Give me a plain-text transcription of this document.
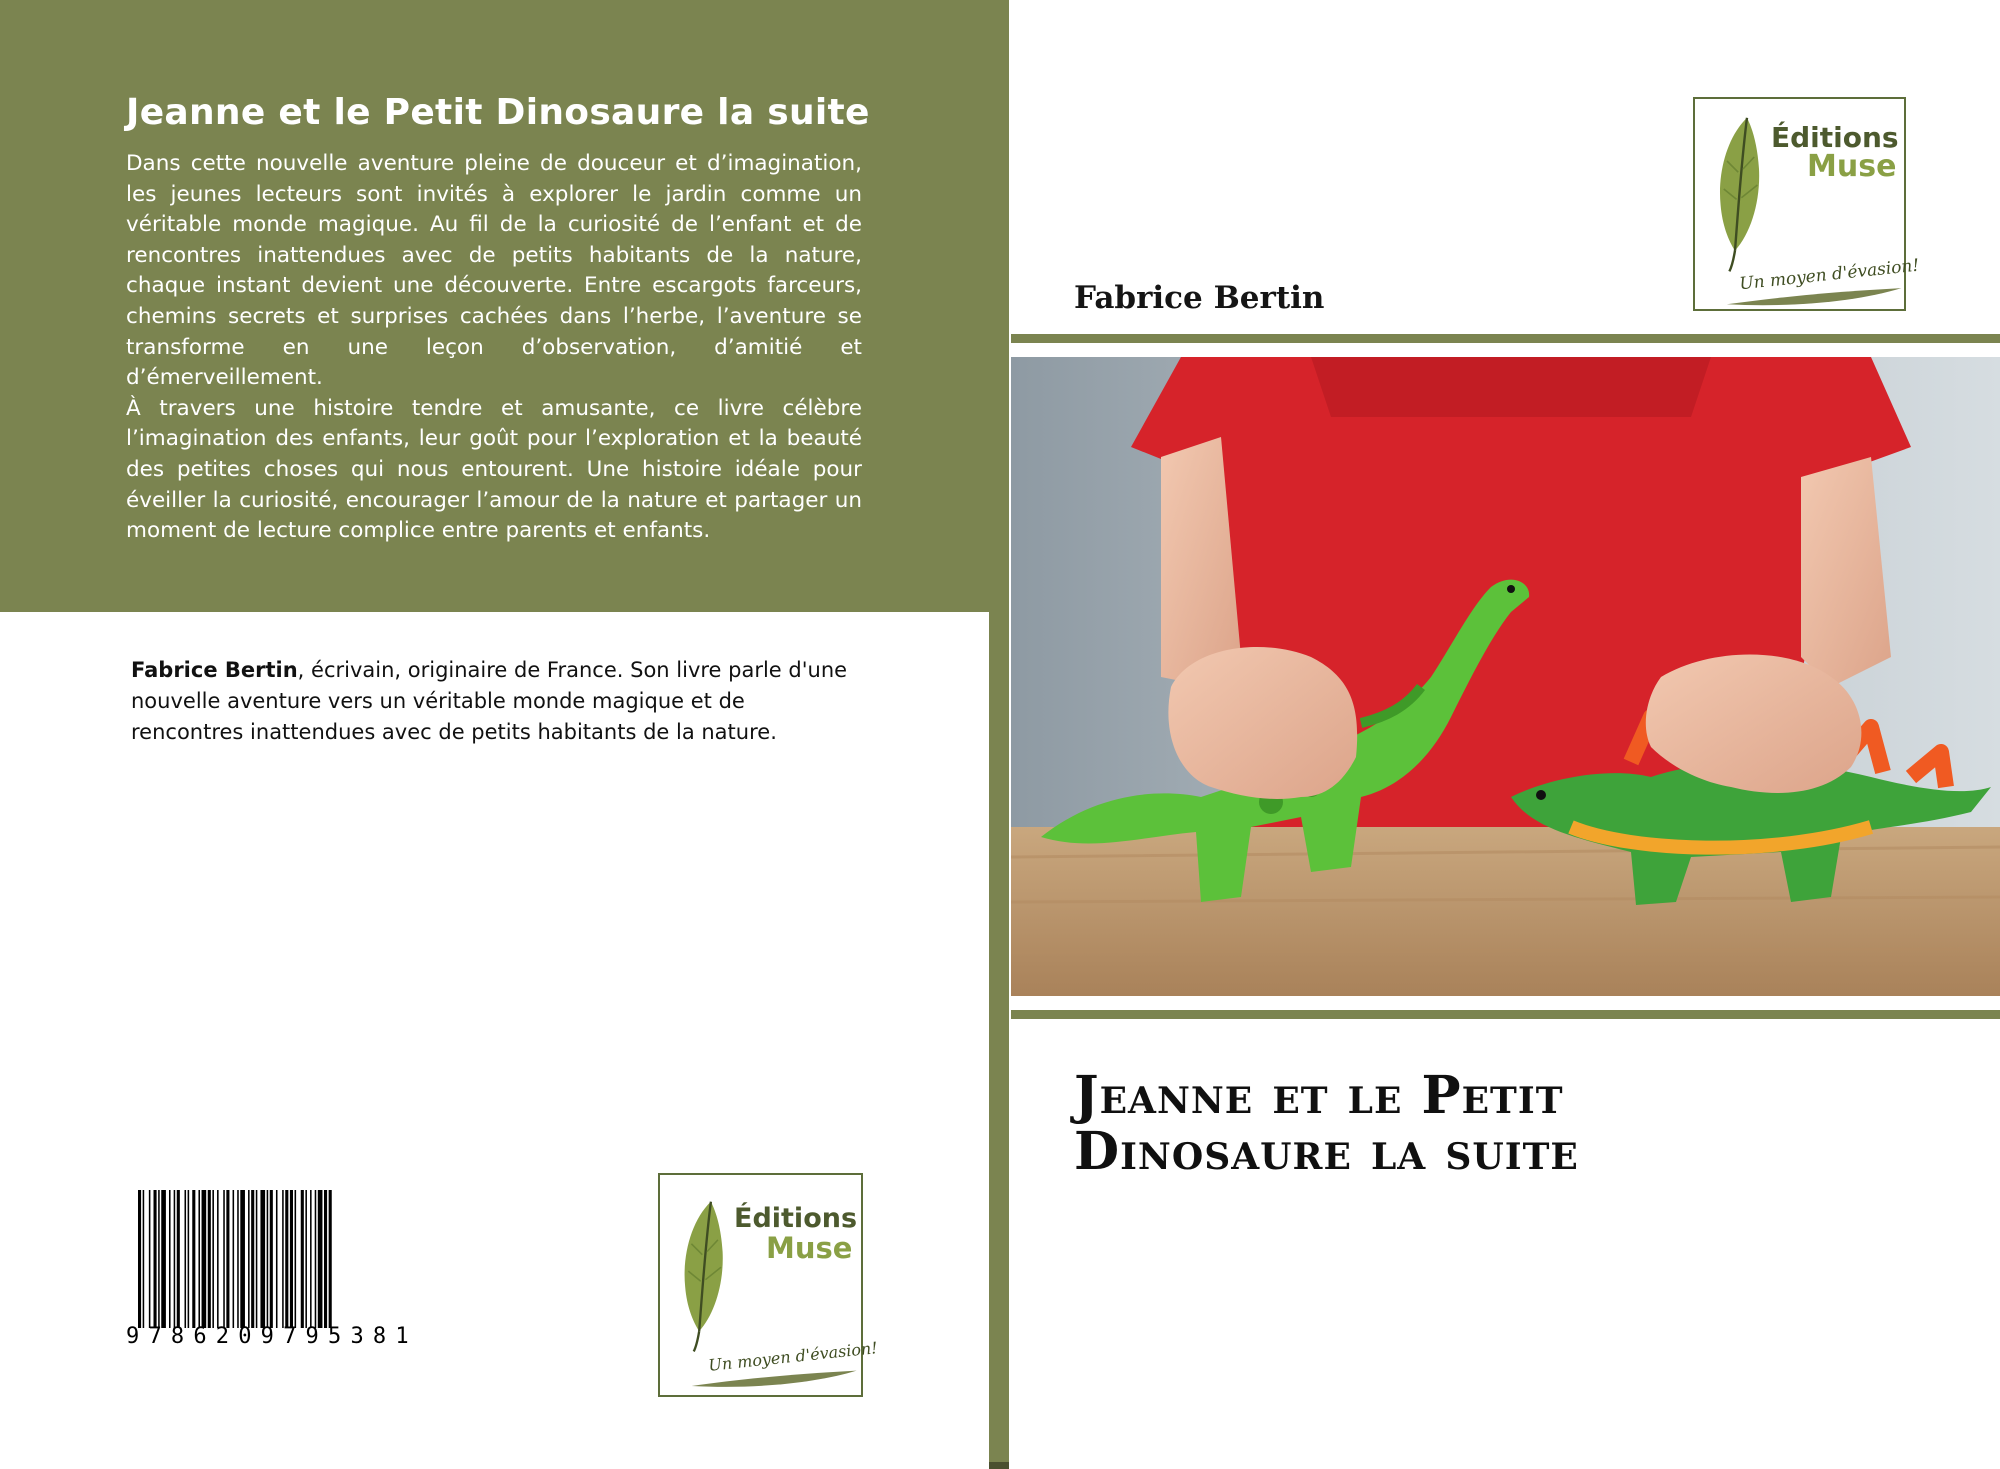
Jeanne et le Petit Dinosaure la suite

Dans cette nouvelle aventure pleine de douceur et d’imagination, les jeunes lecteurs sont invités à explorer le jardin comme un véritable monde magique. Au fil de la curiosité de l’enfant et de rencontres inattendues avec de petits habitants de la nature, chaque instant devient une découverte. Entre escargots farceurs, chemins secrets et surprises cachées dans l’herbe, l’aventure se transforme en une leçon d’observation, d’amitié et d’émerveillement.

À travers une histoire tendre et amusante, ce livre célèbre l’imagination des enfants, leur goût pour l’exploration et la beauté des petites choses qui nous entourent. Une histoire idéale pour éveiller la curiosité, encourager l’amour de la nature et partager un moment de lecture complice entre parents et enfants.

Fabrice Bertin, écrivain, originaire de France. Son livre parle d'une nouvelle aventure vers un véritable monde magique et de rencontres inattendues avec de petits habitants de la nature.

9786209795381
Éditions
Muse
Un moyen d'évasion!
Éditions
Muse
Un moyen d'évasion!
Fabrice Bertin
Jeanne et le Petit
Dinosaure la suite
